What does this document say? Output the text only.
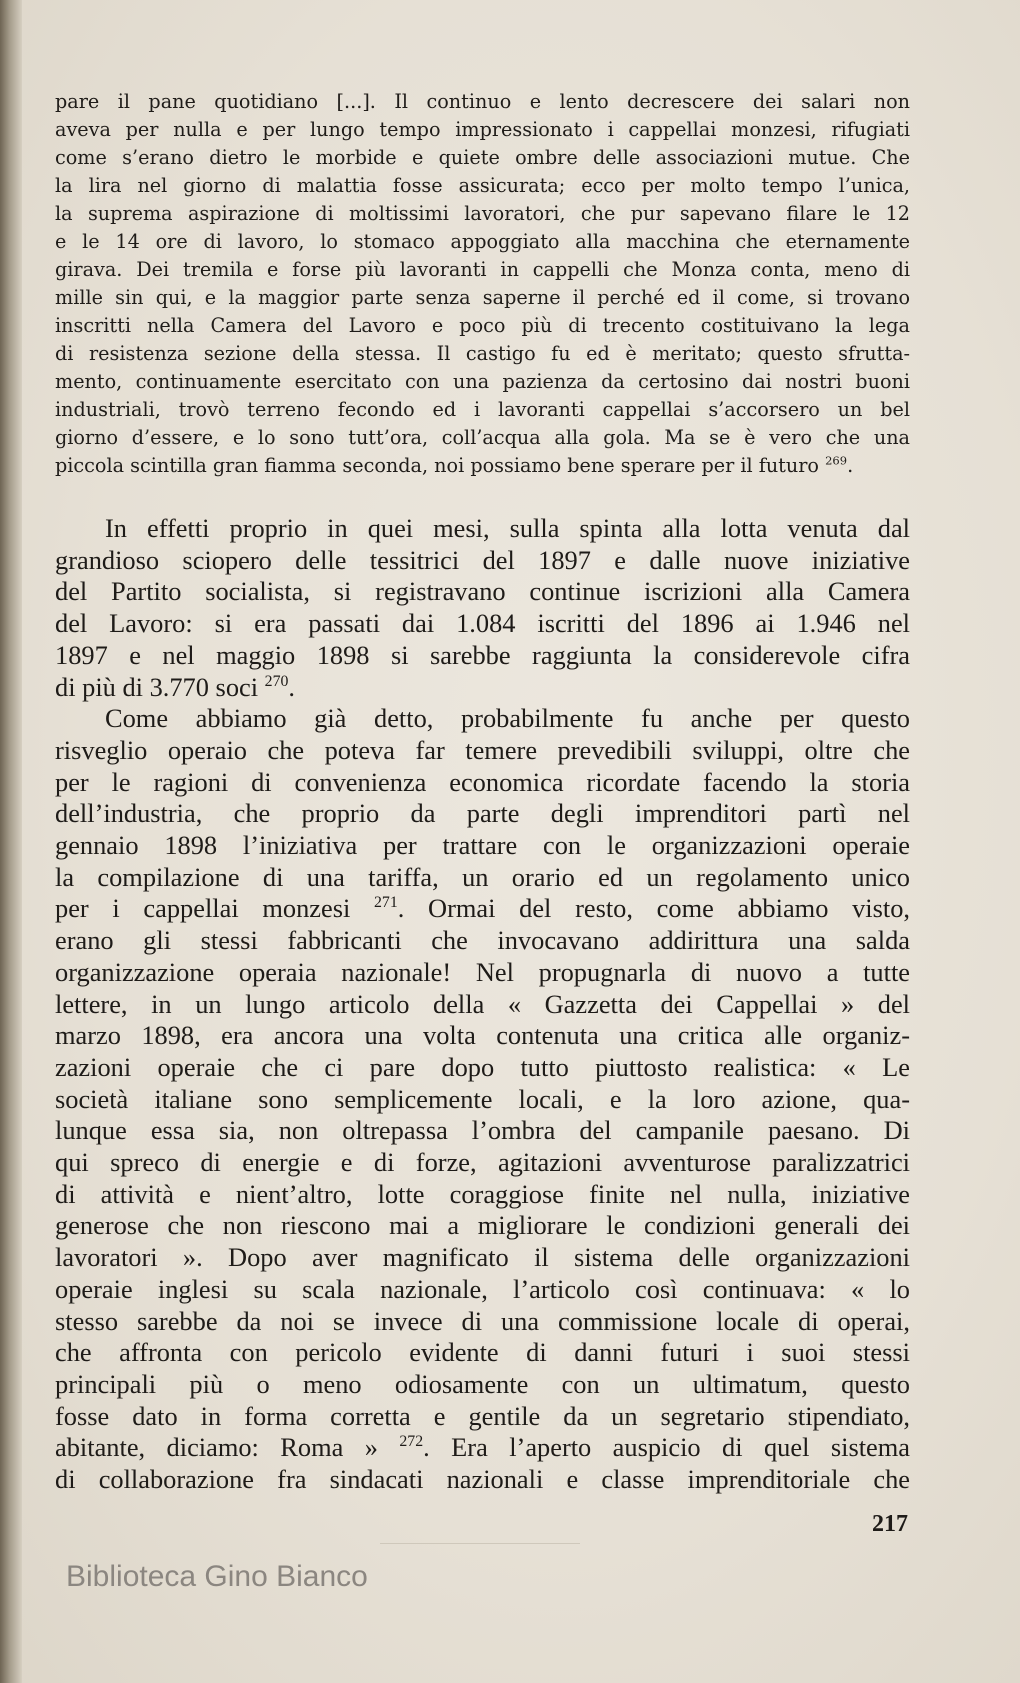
pare il pane quotidiano [...]. Il continuo e lento decrescere dei salari non
aveva per nulla e per lungo tempo impressionato i cappellai monzesi, rifugiati
come s’erano dietro le morbide e quiete ombre delle associazioni mutue. Che
la lira nel giorno di malattia fosse assicurata; ecco per molto tempo l’unica,
la suprema aspirazione di moltissimi lavoratori, che pur sapevano filare le 12
e le 14 ore di lavoro, lo stomaco appoggiato alla macchina che eternamente
girava. Dei tremila e forse più lavoranti in cappelli che Monza conta, meno di
mille sin qui, e la maggior parte senza saperne il perché ed il come, si trovano
inscritti nella Camera del Lavoro e poco più di trecento costituivano la lega
di resistenza sezione della stessa. Il castigo fu ed è meritato; questo sfrutta-
mento, continuamente esercitato con una pazienza da certosino dai nostri buoni
industriali, trovò terreno fecondo ed i lavoranti cappellai s’accorsero un bel
giorno d’essere, e lo sono tutt’ora, coll’acqua alla gola. Ma se è vero che una
piccola scintilla gran fiamma seconda, noi possiamo bene sperare per il futuro $^{269}$.

In effetti proprio in quei mesi, sulla spinta alla lotta venuta dal
grandioso sciopero delle tessitrici del 1897 e dalle nuove iniziative
del Partito socialista, si registravano continue iscrizioni alla Camera
del Lavoro: si era passati dai 1.084 iscritti del 1896 ai 1.946 nel
1897 e nel maggio 1898 si sarebbe raggiunta la considerevole cifra
di più di 3.770 soci $^{270}$.

Come abbiamo già detto, probabilmente fu anche per questo
risveglio operaio che poteva far temere prevedibili sviluppi, oltre che
per le ragioni di convenienza economica ricordate facendo la storia
dell’industria, che proprio da parte degli imprenditori partì nel
gennaio 1898 l’iniziativa per trattare con le organizzazioni operaie
la compilazione di una tariffa, un orario ed un regolamento unico
per i cappellai monzesi $^{271}$. Ormai del resto, come abbiamo visto,
erano gli stessi fabbricanti che invocavano addirittura una salda
organizzazione operaia nazionale! Nel propugnarla di nuovo a tutte
lettere, in un lungo articolo della « Gazzetta dei Cappellai » del
marzo 1898, era ancora una volta contenuta una critica alle organiz-
zazioni operaie che ci pare dopo tutto piuttosto realistica: « Le
società italiane sono semplicemente locali, e la loro azione, qua-
lunque essa sia, non oltrepassa l’ombra del campanile paesano. Di
qui spreco di energie e di forze, agitazioni avventurose paralizzatrici
di attività e nient’altro, lotte coraggiose finite nel nulla, iniziative
generose che non riescono mai a migliorare le condizioni generali dei
lavoratori ». Dopo aver magnificato il sistema delle organizzazioni
operaie inglesi su scala nazionale, l’articolo così continuava: « lo
stesso sarebbe da noi se invece di una commissione locale di operai,
che affronta con pericolo evidente di danni futuri i suoi stessi
principali più o meno odiosamente con un ultimatum, questo
fosse dato in forma corretta e gentile da un segretario stipendiato,
abitante, diciamo: Roma » $^{272}$. Era l’aperto auspicio di quel sistema
di collaborazione fra sindacati nazionali e classe imprenditoriale che

217
Biblioteca Gino Bianco
